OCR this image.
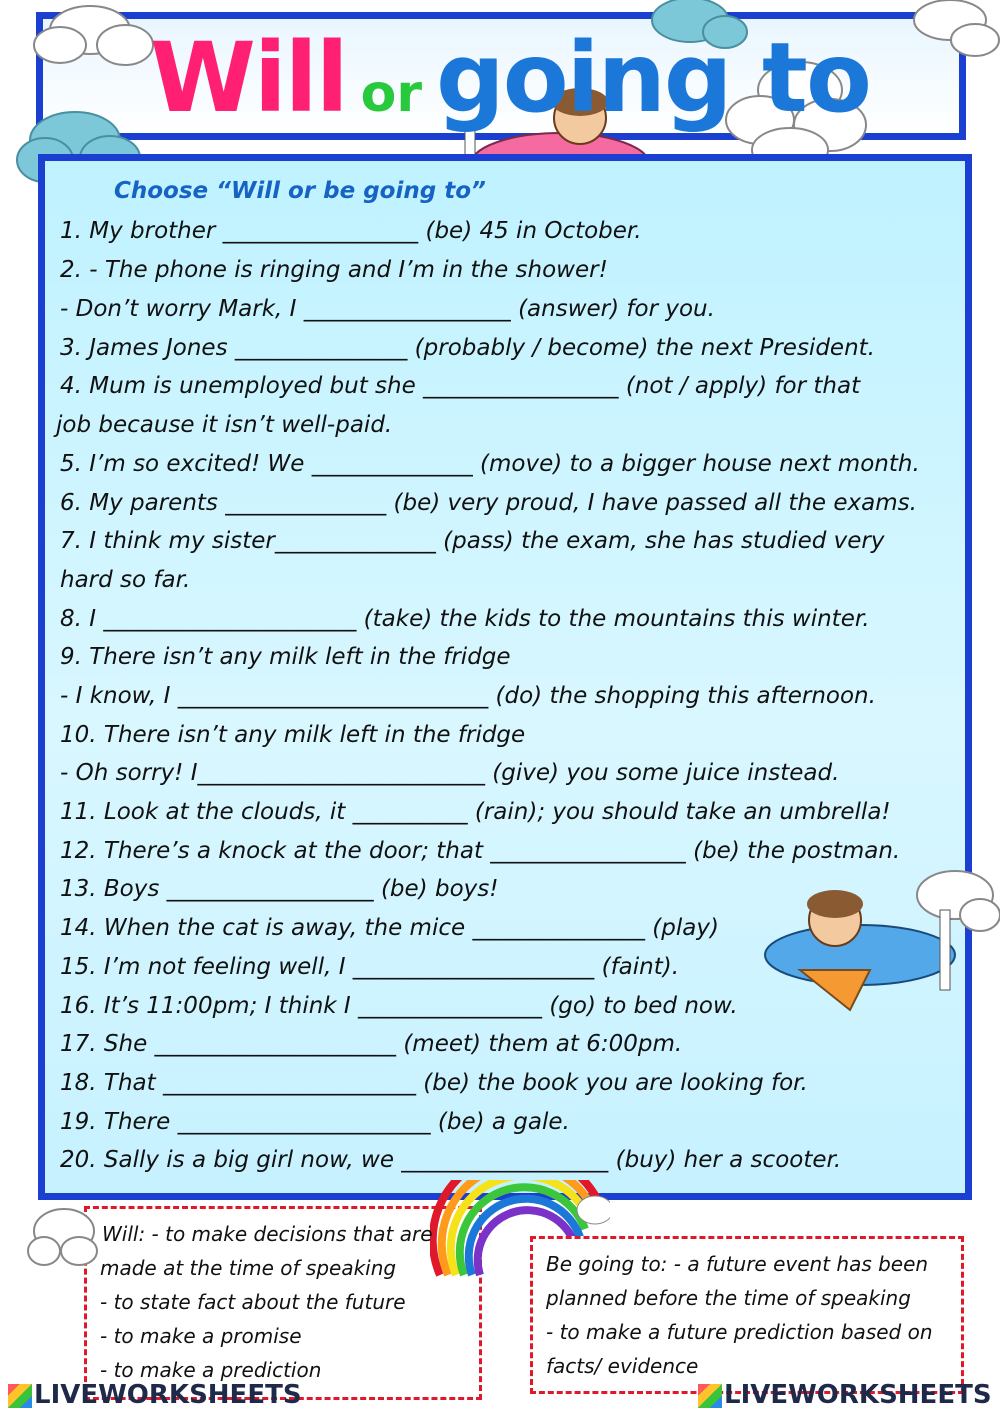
Will or going to
Choose “Will or be going to”
1. My brother _________________ (be) 45 in October.
2. - The phone is ringing and I’m in the shower!
- Don’t worry Mark, I __________________ (answer) for you.
3. James Jones _______________ (probably / become) the next President.
4. Mum is unemployed but she _________________ (not / apply) for that
job because it isn’t well-paid.
5. I’m so excited! We ______________ (move) to a bigger house next month.
6. My parents ______________ (be) very proud, I have passed all the exams.
7. I think my sister______________ (pass) the exam, she has studied very
hard so far.
8. I ______________________ (take) the kids to the mountains this winter.
9. There isn’t any milk left in the fridge
- I know, I ___________________________ (do) the shopping this afternoon.
10. There isn’t any milk left in the fridge
- Oh sorry! I_________________________ (give) you some juice instead.
11. Look at the clouds, it __________ (rain); you should take an umbrella!
12. There’s a knock at the door; that _________________ (be) the postman.
13. Boys __________________ (be) boys!
14. When the cat is away, the mice _______________ (play)
15. I’m not feeling well, I _____________________ (faint).
16. It’s 11:00pm; I think I ________________ (go) to bed now.
17. She _____________________ (meet) them at 6:00pm.
18. That ______________________ (be) the book you are looking for.
19. There ______________________ (be) a gale.
20. Sally is a big girl now, we __________________ (buy) her a scooter.
Will: - to make decisions that are
made at the time of speaking
- to state fact about the future
- to make a promise
- to make a prediction
Be going to: - a future event has been
planned before the time of speaking
- to make a future prediction based on
facts/ evidence
LIVEWORKSHEETS	LIVEWORKSHEETS
